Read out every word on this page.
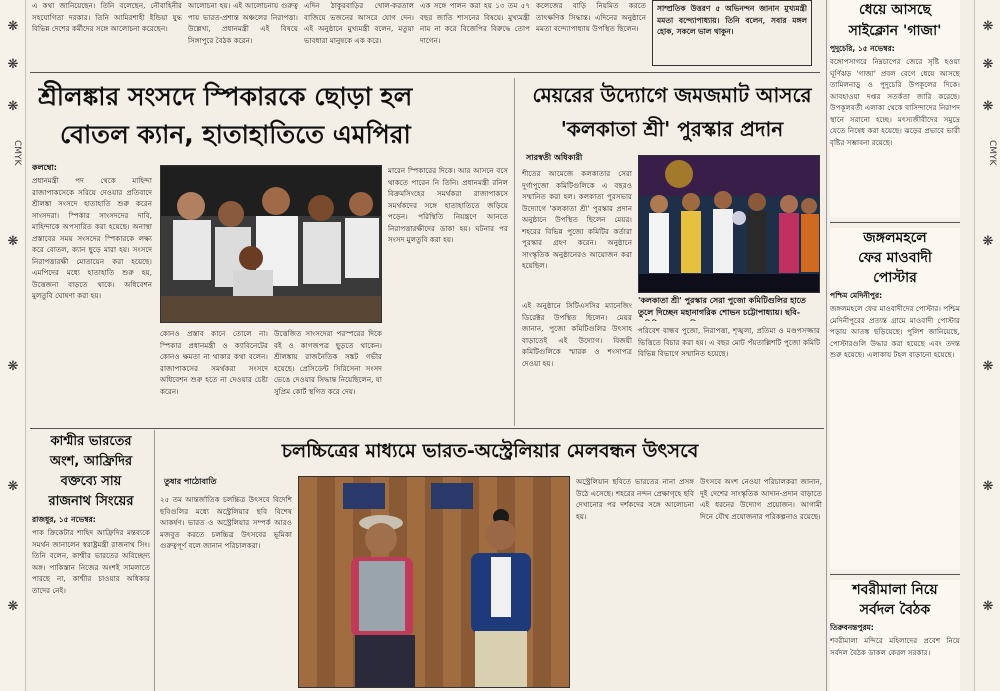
❋
❋
❋
CMYK
❋
❋
❋
❋
❋
❋
❋
CMYK
❋
❋
❋
❋
এ কথা জানিয়েছেন। তিনি বলেছেন, নৌবাহিনীর সহযোগিতা দরকার। তিনি আমিরশাহী ইন্ডিয়া যুদ্ধ বিভিন্ন দেশের কর্মীদের সঙ্গে আলোচনা করেছেন।
আলোচনা হয়। এই আলোচনায় গুরুত্ব পায় ভারত-প্রশান্ত অঞ্চলের নিরাপত্তা। উল্লেখ্য, প্রধানমন্ত্রী এই বিষয়ে সিঙ্গাপুরে বৈঠক করেন।
এদিন ঠাকুরবাড়ির খোল-করতাল বাজিয়ে ভজনের আসরে যোগ দেন। এই অনুষ্ঠানে মুখ্যমন্ত্রী বলেন, মতুয়া ভাবধারা মানুষকে এক করে।
এক সঙ্গে পালন করা হয় ১৩ তম ৫৭ বছর জাতি শাসনের বিষয়ে। মুখ্যমন্ত্রী নাম না করে বিজেপির বিরুদ্ধে তোপ দাগেন।
কলেজের বাড়ি নিয়মিত করতে তাৎক্ষণিক সিদ্ধান্ত। এদিনের অনুষ্ঠানে মমতা বন্দ্যোপাধ্যায় উপস্থিত ছিলেন।
সাম্প্রতিক উত্তরণ ৫ অভিনন্দন জানান মুখ্যমন্ত্রী মমতা বন্দ্যোপাধ্যায়। তিনি বলেন, সবার মঙ্গল হোক, সকলে ভাল থাকুন।
শ্রীলঙ্কার সংসদে স্পিকারকে ছোড়া হল
বোতল ক্যান, হাতাহাতিতে এমপিরা
কলম্বো:
প্রধানমন্ত্রী পদ থেকে মাহিন্দা রাজাপাকসেকে সরিয়ে দেওয়ার প্রতিবাদে শ্রীলঙ্কা সংসদে হাতাহাতি শুরু করেন সাংসদরা। স্পিকার সাংসদদের দাবি, মাহিন্দাকে অপসারিত করা হয়েছে। অনাস্থা প্রস্তাবের সময় সংসদের স্পিকারকে লক্ষ্য করে বোতল, ক্যান ছুড়ে মারা হয়। সংসদে নিরাপত্তারক্ষী মোতায়েন করা হয়েছে। এমপিদের মধ্যে হাতাহাতি শুরু হয়, উত্তেজনা বাড়তে থাকে। অধিবেশন মুলতুবি ঘোষণা করা হয়।
কোনও প্রস্তাব কানে তোলে না। স্পিকার প্রধানমন্ত্রী ও ক্যাবিনেটের কোনও ক্ষমতা না থাকার কথা বলেন। রাজাপাকসের সমর্থকরা সংসদে অধিবেশন শুরু হতে না দেওয়ার চেষ্টা করেন।
উত্তেজিত সাংসদেরা পরস্পরের দিকে বই ও কাগজপত্র ছুড়তে থাকেন। শ্রীলঙ্কায় রাজনৈতিক সঙ্কট গভীর হয়েছে। প্রেসিডেন্ট সিরিসেনা সংসদ ভেঙে দেওয়ার সিদ্ধান্ত নিয়েছিলেন, যা সুপ্রিম কোর্ট স্থগিত করে দেয়।
মারেন স্পিকারের দিকে। আর আসনে বসে থাকতে পারেন নি তিনি। প্রধানমন্ত্রী রনিল বিক্রমসিংহের সমর্থকরা রাজাপাকসে সমর্থকদের সঙ্গে হাতাহাতিতে জড়িয়ে পড়েন। পরিস্থিতি নিয়ন্ত্রণে আনতে নিরাপত্তারক্ষীদের ডাকা হয়। ঘটনার পর সংসদ মুলতুবি করা হয়।
মেয়রের উদ্যোগে জমজমাট আসরে
'কলকাতা শ্রী' পুরস্কার প্রদান
সারস্বতী অধিকারী
শীতের আমেজে কলকাতার সেরা দুর্গাপুজো কমিটিগুলিকে এ বছরও সম্মানিত করা হল। কলকাতা পুরসভার উদ্যোগে 'কলকাতা শ্রী' পুরস্কার প্রদান অনুষ্ঠানে উপস্থিত ছিলেন মেয়র। শহরের বিভিন্ন পুজো কমিটির কর্তারা পুরস্কার গ্রহণ করেন। অনুষ্ঠানে সাংস্কৃতিক অনুষ্ঠানেরও আয়োজন করা হয়েছিল।
'কলকাতা শ্রী' পুরস্কার সেরা পুজো কমিটিগুলির হাতে তুলে দিচ্ছেন মহানাগরিক শোভন চট্টোপাধ্যায়। ছবি-
এই অনুষ্ঠানে সিটিএসসির ম্যানেজিং ডিরেক্টর উপস্থিত ছিলেন। মেয়র জানান, পুজো কমিটিগুলির উৎসাহ বাড়াতেই এই উদ্যোগ। বিজয়ী কমিটিগুলিকে স্মারক ও শংসাপত্র দেওয়া হয়।
পরিবেশ বান্ধব পুজো, নিরাপত্তা, শৃঙ্খলা, প্রতিমা ও মণ্ডপসজ্জার ভিত্তিতে বিচার করা হয়। এ বছর মোট পঁয়তাল্লিশটি পুজো কমিটি বিভিন্ন বিভাগে সম্মানিত হয়েছে।
ধেয়ে আসছে
সাইক্লোন 'গাজা'
পুদুচেরি, ১৫ নভেম্বর:
বঙ্গোপসাগরে নিম্নচাপের জেরে সৃষ্টি হওয়া ঘূর্ণিঝড় 'গাজা' প্রবল বেগে ধেয়ে আসছে তামিলনাড়ু ও পুদুচেরি উপকূলের দিকে। আবহাওয়া দপ্তর সতর্কতা জারি করেছে। উপকূলবর্তী এলাকা থেকে বাসিন্দাদের নিরাপদ স্থানে সরানো হচ্ছে। মৎস্যজীবীদের সমুদ্রে যেতে নিষেধ করা হয়েছে। ঝড়ের প্রভাবে ভারী বৃষ্টির সম্ভাবনা রয়েছে।
জঙ্গলমহলে
ফের মাওবাদী
পোস্টার
পশ্চিম মেদিনীপুর:
জঙ্গলমহলে ফের মাওবাদীদের পোস্টার। পশ্চিম মেদিনীপুরের প্রত্যন্ত গ্রামে মাওবাদী পোস্টার পড়ায় আতঙ্ক ছড়িয়েছে। পুলিশ জানিয়েছে, পোস্টারগুলি উদ্ধার করা হয়েছে এবং তদন্ত শুরু হয়েছে। এলাকায় টহল বাড়ানো হয়েছে।
শবরীমালা নিয়ে
সর্বদল বৈঠক
তিরুবনন্তপুরম:
শবরীমালা মন্দিরে মহিলাদের প্রবেশ নিয়ে সর্বদল বৈঠক ডাকল কেরল সরকার।
কাশ্মীর ভারতের
অংশ, আফ্রিদির
বক্তব্যে সায়
রাজনাথ সিংয়ের
রাজধুর, ১৫ নভেম্বর:
পাক ক্রিকেটার শাহিদ আফ্রিদির মন্তব্যকে সমর্থন জানালেন স্বরাষ্ট্রমন্ত্রী রাজনাথ সিং। তিনি বলেন, কাশ্মীর ভারতের অবিচ্ছেদ্য অঙ্গ। পাকিস্তান নিজের অংশই সামলাতে পারছে না, কাশ্মীর চাওয়ার অধিকার তাদের নেই।
চলচ্চিত্রের মাধ্যমে ভারত-অস্ট্রেলিয়ার মেলবন্ধন উৎসবে
তুষার পাঠোবাতি
২৫ তম আন্তর্জাতিক চলচ্চিত্র উৎসবে বিদেশি ছবিগুলির মধ্যে অস্ট্রেলিয়ার ছবি বিশেষ আকর্ষণ। ভারত ও অস্ট্রেলিয়ার সম্পর্ক আরও মজবুত করতে চলচ্চিত্র উৎসবের ভূমিকা গুরুত্বপূর্ণ বলে জানান পরিচালকরা।
অস্ট্রেলিয়ান ছবিতে ভারতের নানা প্রসঙ্গ উঠে এসেছে। শহরের নন্দন প্রেক্ষাগৃহে ছবি দেখানোর পর দর্শকদের সঙ্গে আলোচনা হয়।
উৎসবে অংশ নেওয়া পরিচালকরা জানান, দুই দেশের সাংস্কৃতিক আদান-প্রদান বাড়াতে এই ধরনের উদ্যোগ প্রয়োজন। আগামী দিনে যৌথ প্রযোজনার পরিকল্পনাও রয়েছে।
